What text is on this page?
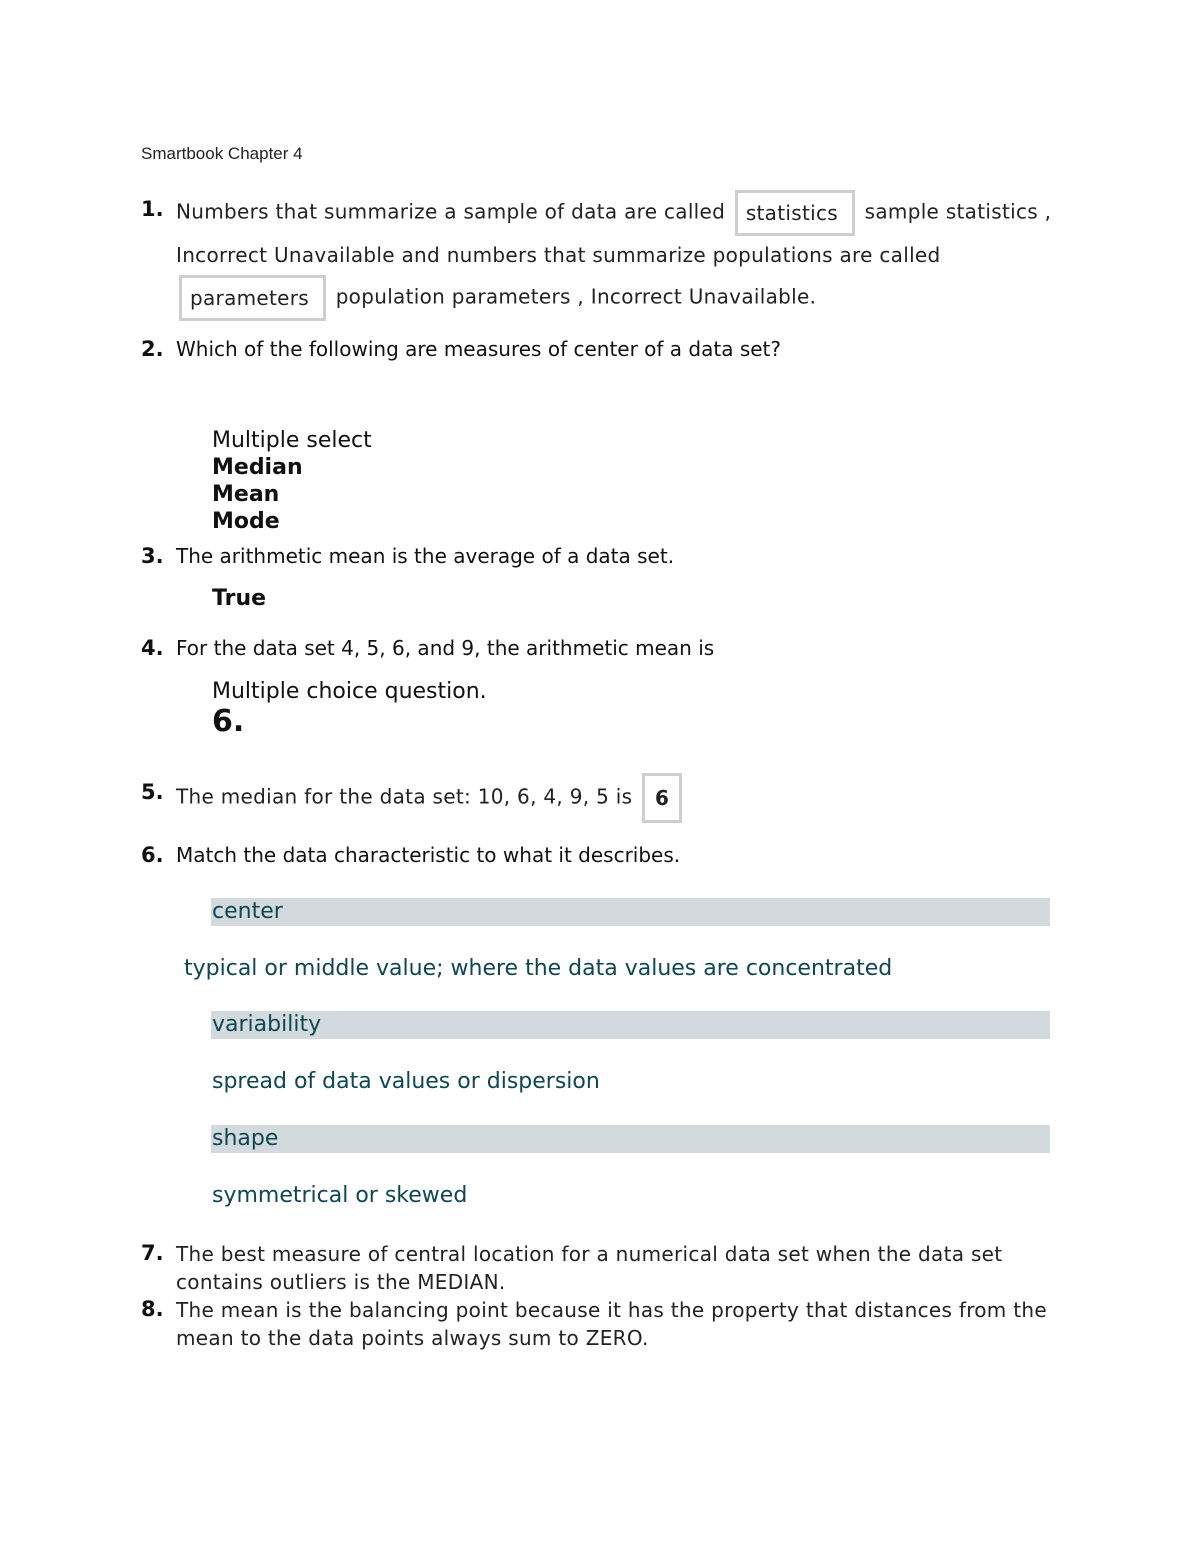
Smartbook Chapter 4
1. Numbers that summarize a sample of data are called statistics sample statistics , Incorrect Unavailable and numbers that summarize populations are called parameters population parameters , Incorrect Unavailable.
2. Which of the following are measures of center of a data set?
Multiple select
Median
Mean
Mode
3. The arithmetic mean is the average of a data set.
True
4. For the data set 4, 5, 6, and 9, the arithmetic mean is
Multiple choice question.
6.
5. The median for the data set: 10, 6, 4, 9, 5 is 6
6. Match the data characteristic to what it describes.
center
typical or middle value; where the data values are concentrated
variability
spread of data values or dispersion
shape
symmetrical or skewed
7. The best measure of central location for a numerical data set when the data set contains outliers is the MEDIAN.
8. The mean is the balancing point because it has the property that distances from the mean to the data points always sum to ZERO.
